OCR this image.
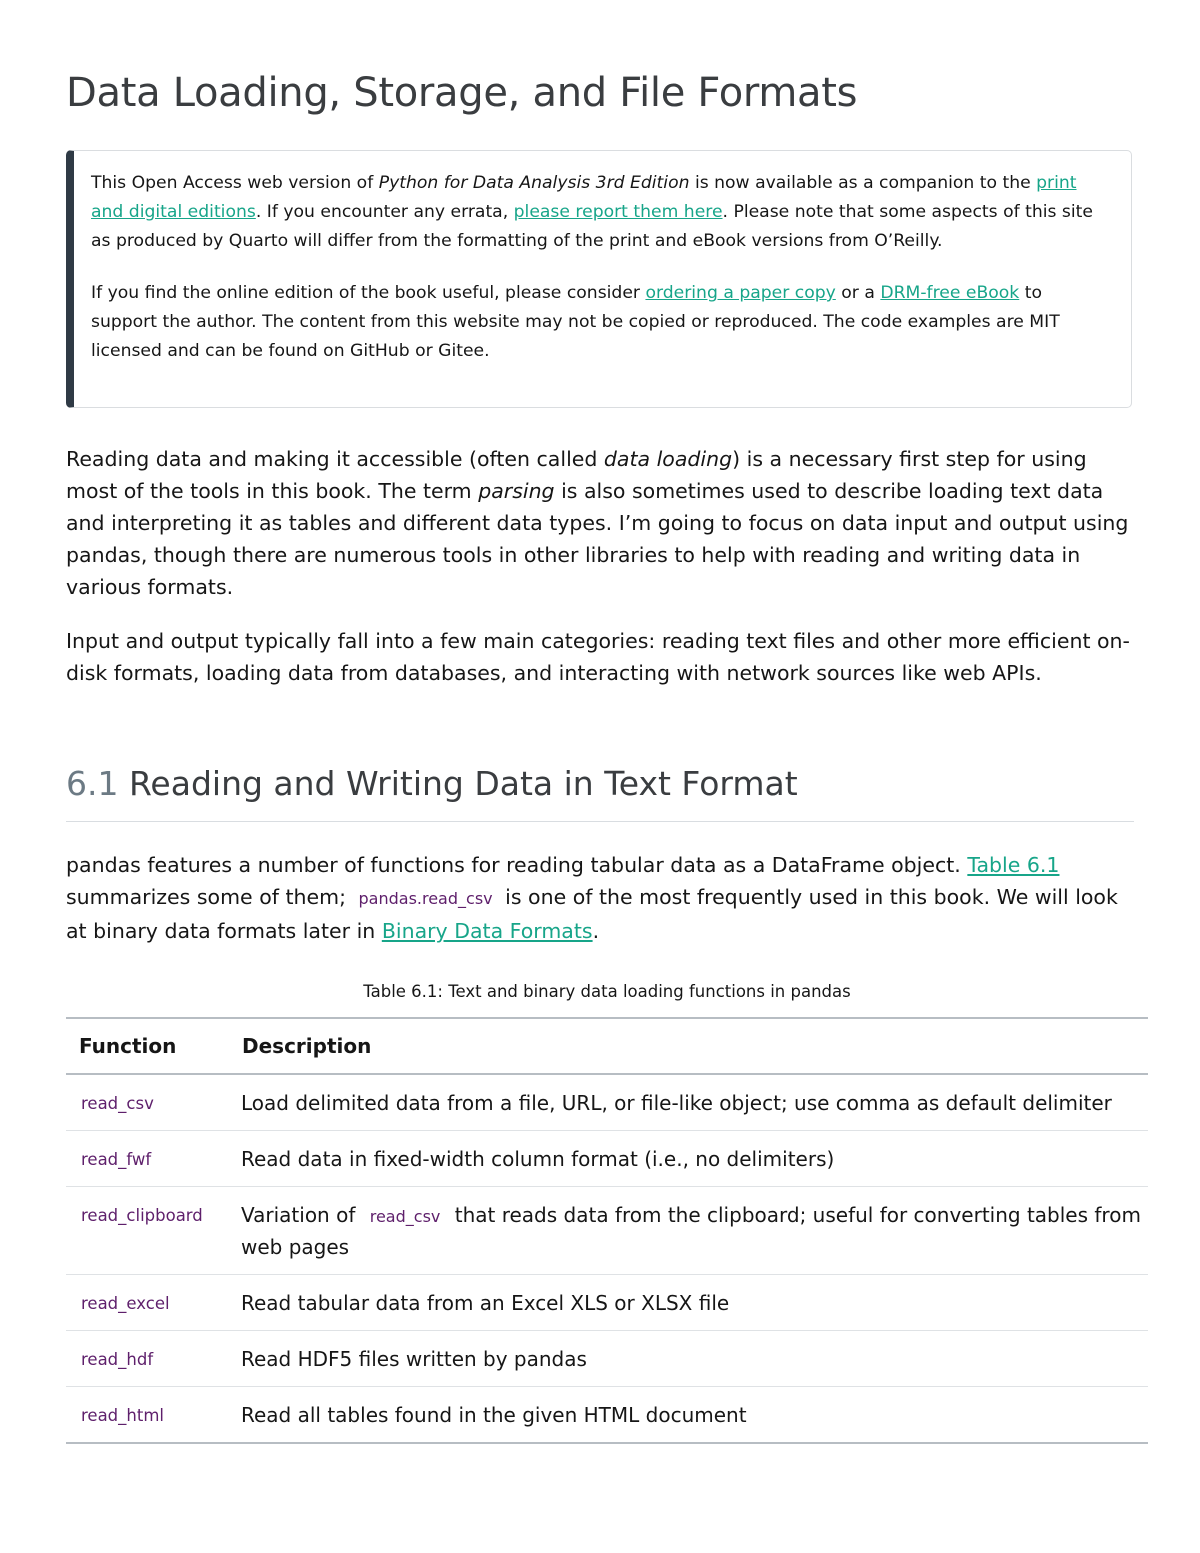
Data Loading, Storage, and File Formats

This Open Access web version of Python for Data Analysis 3rd Edition is now available as a companion to the print and digital editions. If you encounter any errata, please report them here. Please note that some aspects of this site as produced by Quarto will differ from the formatting of the print and eBook versions from O’Reilly.

If you find the online edition of the book useful, please consider ordering a paper copy or a DRM-free eBook to support the author. The content from this website may not be copied or reproduced. The code examples are MIT licensed and can be found on GitHub or Gitee.

Reading data and making it accessible (often called data loading) is a necessary first step for using most of the tools in this book. The term parsing is also sometimes used to describe loading text data and interpreting it as tables and different data types. I’m going to focus on data input and output using pandas, though there are numerous tools in other libraries to help with reading and writing data in various formats.

Input and output typically fall into a few main categories: reading text files and other more efficient on-disk formats, loading data from databases, and interacting with network sources like web APIs.

6.1 Reading and Writing Data in Text Format

pandas features a number of functions for reading tabular data as a DataFrame object. Table 6.1 summarizes some of them; pandas.read_csv is one of the most frequently used in this book. We will look at binary data formats later in Binary Data Formats.

Table 6.1: Text and binary data loading functions in pandas
Function	Description
read_csv	Load delimited data from a file, URL, or file-like object; use comma as default delimiter
read_fwf	Read data in fixed-width column format (i.e., no delimiters)
read_clipboard	Variation of read_csv that reads data from the clipboard; useful for converting tables from web pages
read_excel	Read tabular data from an Excel XLS or XLSX file
read_hdf	Read HDF5 files written by pandas
read_html	Read all tables found in the given HTML document
